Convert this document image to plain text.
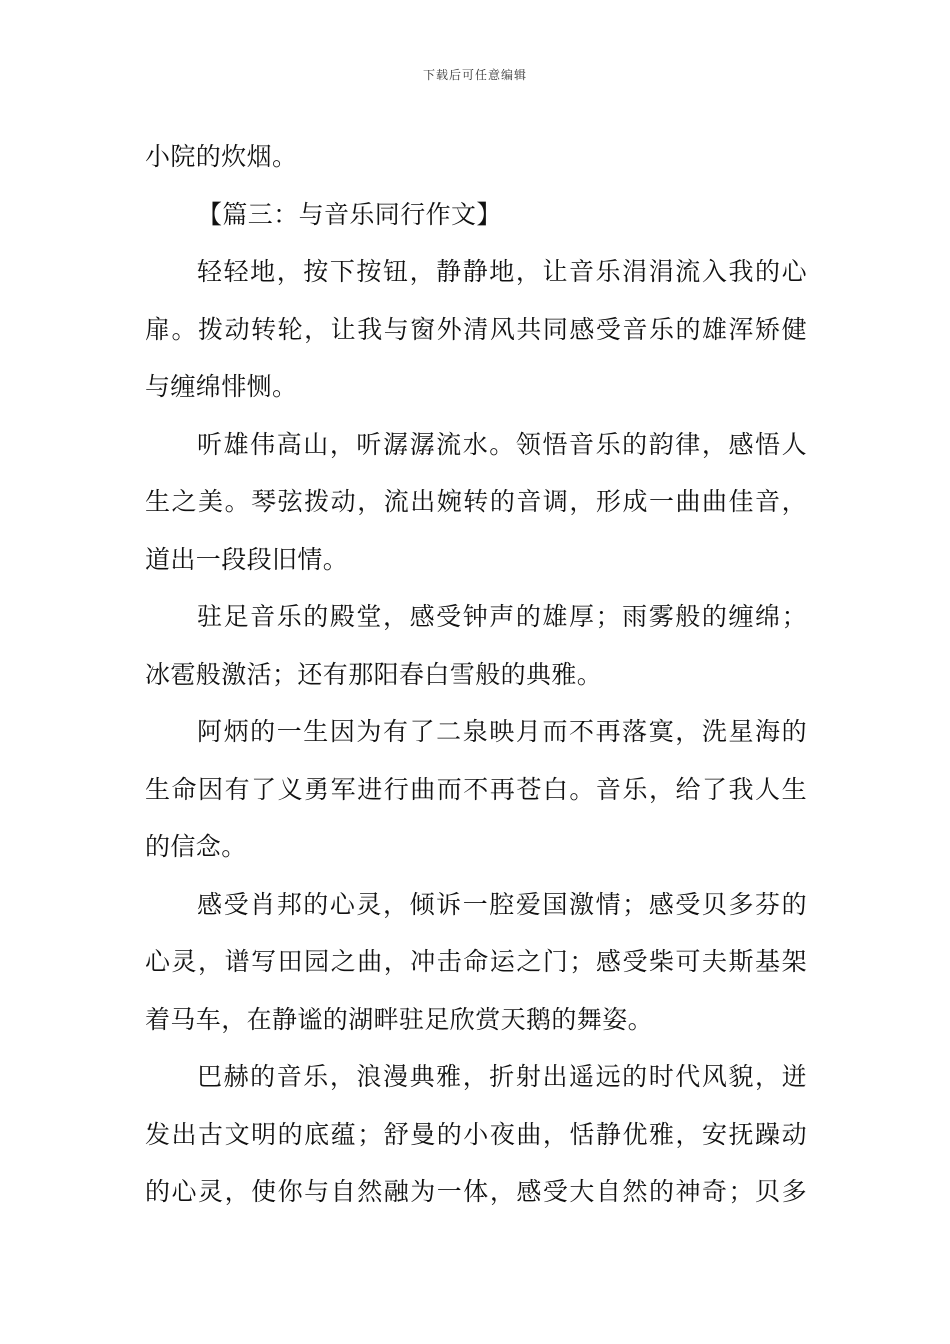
下载后可任意编辑
小院的炊烟。
【篇三：与音乐同行作文】
轻轻地，按下按钮，静静地，让音乐涓涓流入我的心
扉。拨动转轮，让我与窗外清风共同感受音乐的雄浑矫健
与缠绵悱恻。
听雄伟高山，听潺潺流水。领悟音乐的韵律，感悟人
生之美。琴弦拨动，流出婉转的音调，形成一曲曲佳音，
道出一段段旧情。
驻足音乐的殿堂，感受钟声的雄厚；雨雾般的缠绵；
冰雹般激活；还有那阳春白雪般的典雅。
阿炳的一生因为有了二泉映月而不再落寞，洗星海的
生命因有了义勇军进行曲而不再苍白。音乐，给了我人生
的信念。
感受肖邦的心灵，倾诉一腔爱国激情；感受贝多芬的
心灵，谱写田园之曲，冲击命运之门；感受柴可夫斯基架
着马车，在静谧的湖畔驻足欣赏天鹅的舞姿。
巴赫的音乐，浪漫典雅，折射出遥远的时代风貌，迸
发出古文明的底蕴；舒曼的小夜曲，恬静优雅，安抚躁动
的心灵，使你与自然融为一体，感受大自然的神奇；贝多
